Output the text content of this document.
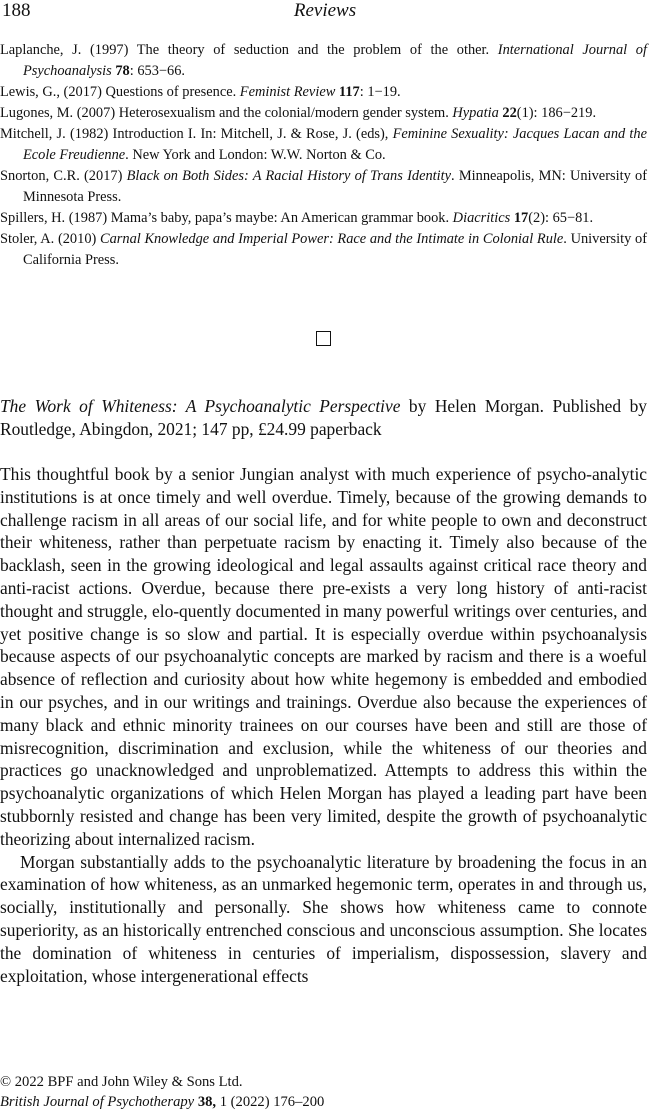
188	Reviews

Laplanche, J. (1997) The theory of seduction and the problem of the other. International Journal of Psychoanalysis 78: 653−66.

Lewis, G., (2017) Questions of presence. Feminist Review 117: 1−19.

Lugones, M. (2007) Heterosexualism and the colonial/modern gender system. Hypatia 22(1): 186−219.

Mitchell, J. (1982) Introduction I. In: Mitchell, J. & Rose, J. (eds), Feminine Sexuality: Jacques Lacan and the Ecole Freudienne. New York and London: W.W. Norton & Co.

Snorton, C.R. (2017) Black on Both Sides: A Racial History of Trans Identity. Minneapolis, MN: University of Minnesota Press.

Spillers, H. (1987) Mama’s baby, papa’s maybe: An American grammar book. Diacritics 17(2): 65−81.

Stoler, A. (2010) Carnal Knowledge and Imperial Power: Race and the Intimate in Colonial Rule. University of California Press.

The Work of Whiteness: A Psychoanalytic Perspective by Helen Morgan. Published by Routledge, Abingdon, 2021; 147 pp, £24.99 paperback

This thoughtful book by a senior Jungian analyst with much experience of psycho-analytic institutions is at once timely and well overdue. Timely, because of the growing demands to challenge racism in all areas of our social life, and for white people to own and deconstruct their whiteness, rather than perpetuate racism by enacting it. Timely also because of the backlash, seen in the growing ideological and legal assaults against critical race theory and anti-racist actions. Overdue, because there pre-exists a very long history of anti-racist thought and struggle, elo-quently documented in many powerful writings over centuries, and yet positive change is so slow and partial. It is especially overdue within psychoanalysis because aspects of our psychoanalytic concepts are marked by racism and there is a woeful absence of reflection and curiosity about how white hegemony is embedded and embodied in our psyches, and in our writings and trainings. Overdue also because the experiences of many black and ethnic minority trainees on our courses have been and still are those of misrecognition, discrimination and exclusion, while the whiteness of our theories and practices go unacknowledged and unproblematized. Attempts to address this within the psychoanalytic organizations of which Helen Morgan has played a leading part have been stubbornly resisted and change has been very limited, despite the growth of psychoanalytic theorizing about internalized racism.

Morgan substantially adds to the psychoanalytic literature by broadening the focus in an examination of how whiteness, as an unmarked hegemonic term, operates in and through us, socially, institutionally and personally. She shows how whiteness came to connote superiority, as an historically entrenched conscious and unconscious assumption. She locates the domination of whiteness in centuries of imperialism, dispossession, slavery and exploitation, whose intergenerational effects

© 2022 BPF and John Wiley & Sons Ltd.

British Journal of Psychotherapy 38, 1 (2022) 176–200
